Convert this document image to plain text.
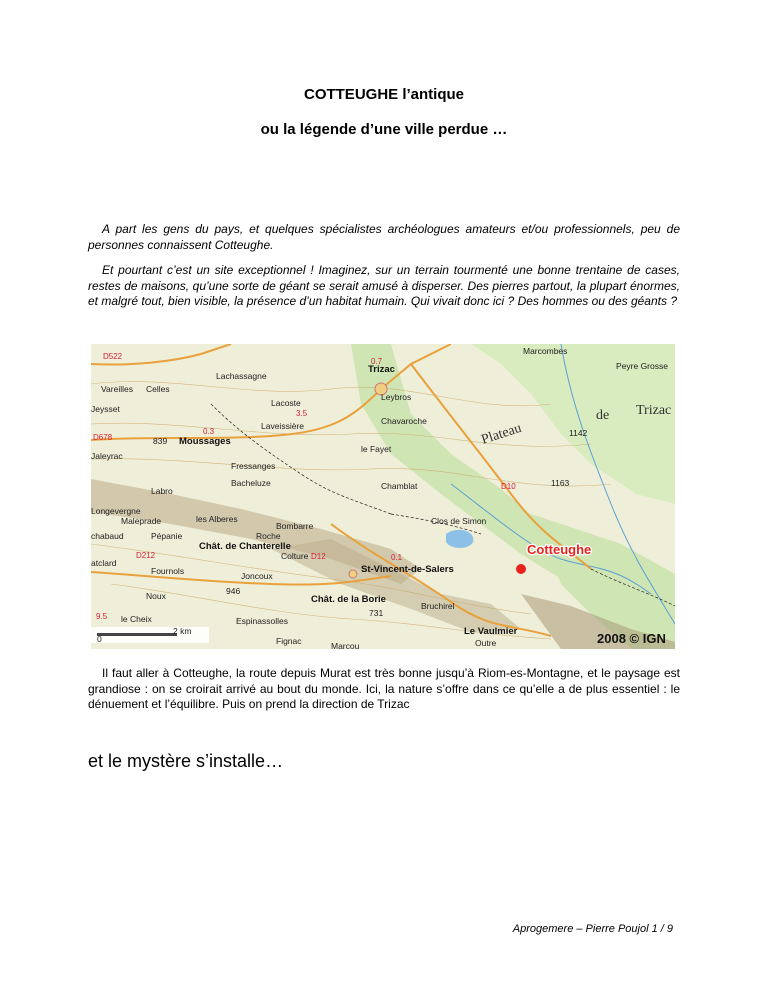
COTTEUGHE l’antique
ou la légende d’une ville perdue …
A part les gens du pays, et quelques spécialistes archéologues amateurs et/ou professionnels, peu de personnes connaissent Cotteughe.
Et pourtant c’est un site exceptionnel ! Imaginez, sur un terrain tourmenté une bonne trentaine de cases, restes de maisons, qu’une sorte de géant se serait amusé à disperser. Des pierres partout, la plupart énormes, et malgré tout, bien visible, la présence d’un habitat humain. Qui vivait donc ici ? Des hommes ou des géants ?
Trizac
Lachassagne
Vareilles Celles
Jeysset
Lacoste
Leybros
Laveissière	Chavaroche
Moussages
Jaleyrac
le Fayet
Fressanges
Bacheluze
Labro	Chamblat
Longevergne
Maleprade	les Alberes
Bombarre	Clos de Simon
chabaud	Pépanie
Chât. de Chanterelle
Roche
Colture
St-Vincent-de-Salers
atclard
Fournols	Joncoux
Chât. de la Borie
Noux
le Cheix	Espinassolles
Bruchirel
Le Vaulmier
Fignac	Marcou	Outre
Marcombes
Peyre Grosse
Plateau
de Trizac
D522
D678
D212	D12
D10
0.7
0.3
0.1
3.5
9.5
1142
1163
946
731
839
Cotteughe
0
2 km	2008 © IGN
Il faut aller à Cotteughe, la route depuis Murat est très bonne jusqu’à Riom-es-Montagne, et le paysage est grandiose : on se croirait arrivé au bout du monde. Ici, la nature s’offre dans ce qu’elle a de plus essentiel : le dénuement et l’équilibre. Puis on prend la direction de Trizac
et le mystère s’installe…
Aprogemere – Pierre Poujol 1 / 9
